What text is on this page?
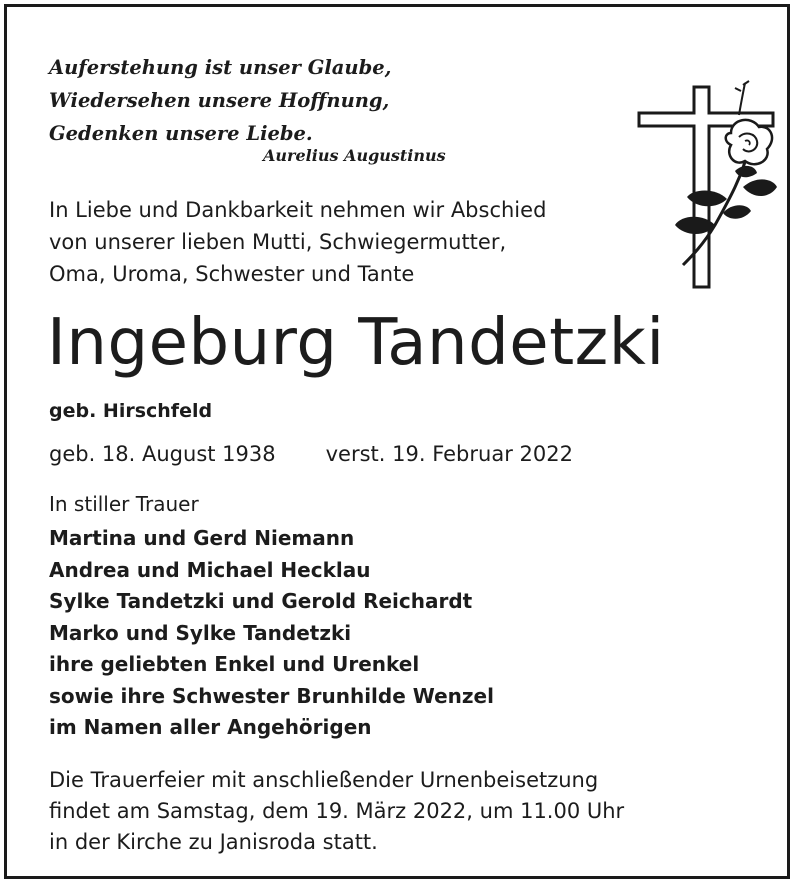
Auferstehung ist unser Glaube,
Wiedersehen unsere Hoffnung,
Gedenken unsere Liebe.
Aurelius Augustinus
In Liebe und Dankbarkeit nehmen wir Abschied
von unserer lieben Mutti, Schwiegermutter,
Oma, Uroma, Schwester und Tante
Ingeburg Tandetzki
geb. Hirschfeld
geb. 18. August 1938 verst. 19. Februar 2022
In stiller Trauer
Martina und Gerd Niemann
Andrea und Michael Hecklau
Sylke Tandetzki und Gerold Reichardt
Marko und Sylke Tandetzki
ihre geliebten Enkel und Urenkel
sowie ihre Schwester Brunhilde Wenzel
im Namen aller Angehörigen
Die Trauerfeier mit anschließender Urnenbeisetzung
findet am Samstag, dem 19. März 2022, um 11.00 Uhr
in der Kirche zu Janisroda statt.
